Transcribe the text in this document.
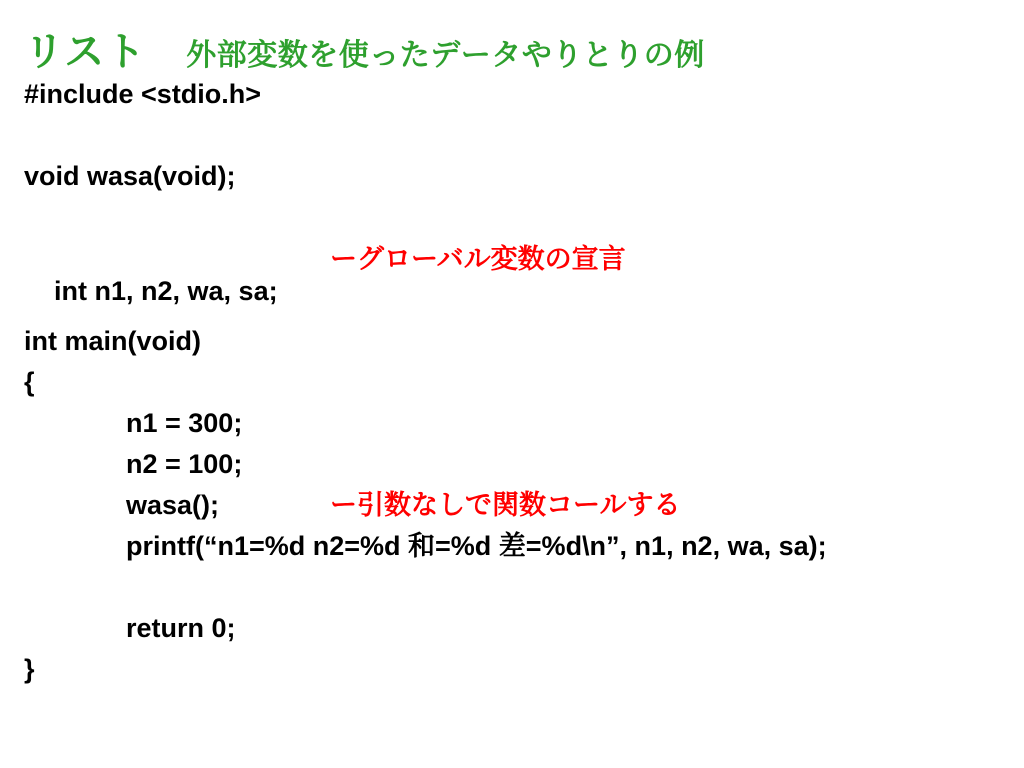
リスト 外部変数を使ったデータやりとりの例
#include <stdio.h>
void wasa(void);

int n1, n2, wa, sa;

ーグローバル変数の宣言
int main(void)
{
n1 = 300;
n2 = 100;
wasa();	ー引数なしで関数コールする
printf(“n1=%d n2=%d 和=%d 差=%d\n”, n1, n2, wa, sa);
return 0;
}
